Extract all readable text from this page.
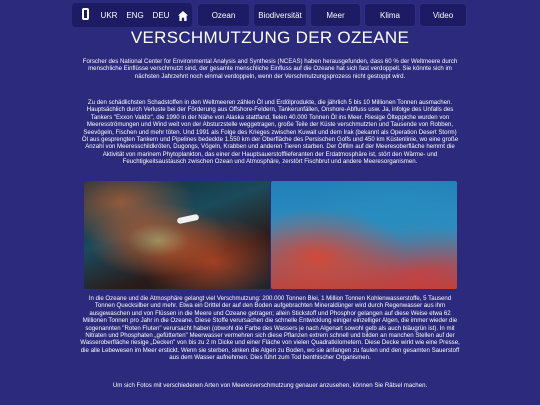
UKR	ENG	DEU	Ozean	Biodiversität	Meer	Klima	Video
VERSCHMUTZUNG DER OZEANE

Forscher des National Center for Environmental Analysis and Synthesis (NCEAS) haben herausgefunden, dass 60 % der Weltmeere durch menschliche Einflüsse verschmutzt sind, der gesamte menschliche Einfluss auf die Ozeane hat sich fast verdoppelt. Sie könnte sich im nächsten Jahrzehnt noch einmal verdoppeln, wenn der Verschmutzungsprozess nicht gestoppt wird.

Zu den schädlichsten Schadstoffen in den Weltmeeren zählen Öl und Erdölprodukte, die jährlich 5 bis 10 Millionen Tonnen ausmachen. Hauptsächlich durch Verluste bei der Förderung aus Offshore-Feldern, Tankerunfällen, Onshore-Abfluss usw. Ja, infolge des Unfalls des Tankers "Exxon Valdiz", die 1990 in der Nähe von Alaska stattfand, fielen 40.000 Tonnen Öl ins Meer. Riesige Ölteppiche wurden von Meeresströmungen und Wind weit von der Absturzstelle weggetragen, große Teile der Küste verschmutzten und Tausende von Robben, Seevögeln, Fischen und mehr töten. Und 1991 als Folge des Krieges zwischen Kuwait und dem Irak (bekannt als Operation Desert Storm) Öl aus gesprengten Tankern und Pipelines bedeckte 1.550 km der Oberfläche des Persischen Golfs und 450 km Küstenlinie, wo eine große Anzahl von Meeresschildkröten, Dugongs, Vögeln, Krabben und anderen Tieren starben. Der Ölfilm auf der Meeresoberfläche hemmt die Aktivität von marinem Phytoplankton, das einer der Hauptsauerstofflieferanten der Erdatmosphäre ist, stört den Wärme- und Feuchtigkeitsaustausch zwischen Ozean und Atmosphäre, zerstört Fischbrut und andere Meeresorganismen.

In die Ozeane und die Atmosphäre gelangt viel Verschmutzung: 200.000 Tonnen Blei, 1 Million Tonnen Kohlenwasserstoffe, 5 Tausend Tonnen Quecksilber und mehr. Etwa ein Drittel der auf den Boden aufgebrachten Mineraldünger wird durch Regenwasser aus ihm ausgewaschen und von Flüssen in die Meere und Ozeane getragen; allein Stickstoff und Phosphor gelangen auf diese Weise etwa 62 Millionen Tonnen pro Jahr in die Ozeane. Diese Stoffe verursachen die schnelle Entwicklung einiger einzelliger Algen, die immer wieder die sogenannten "Roten Fluten" verursacht haben (obwohl die Farbe des Wassers je nach Algenart sowohl gelb als auch bläugrün ist). In mit Nitraten und Phosphaten „gefütterten" Meerwasser vermehren sich diese Pflanzen extrem schnell und bilden an manchen Stellen auf der Wasseroberfläche riesige „Decken" von bis zu 2 m Dicke und einer Fläche von vielen Quadratkilometern. Diese Decke wirkt wie eine Presse, die alle Lebewesen im Meer erstickt. Wenn sie sterben, sinken die Algen zu Boden, wo sie anfangen zu faulen und den gesamten Sauerstoff aus dem Wasser aufnehmen. Dies führt zum Tod benthischer Organismen.

Um sich Fotos mit verschiedenen Arten von Meeresverschmutzung genauer anzusehen, können Sie Rätsel machen.
